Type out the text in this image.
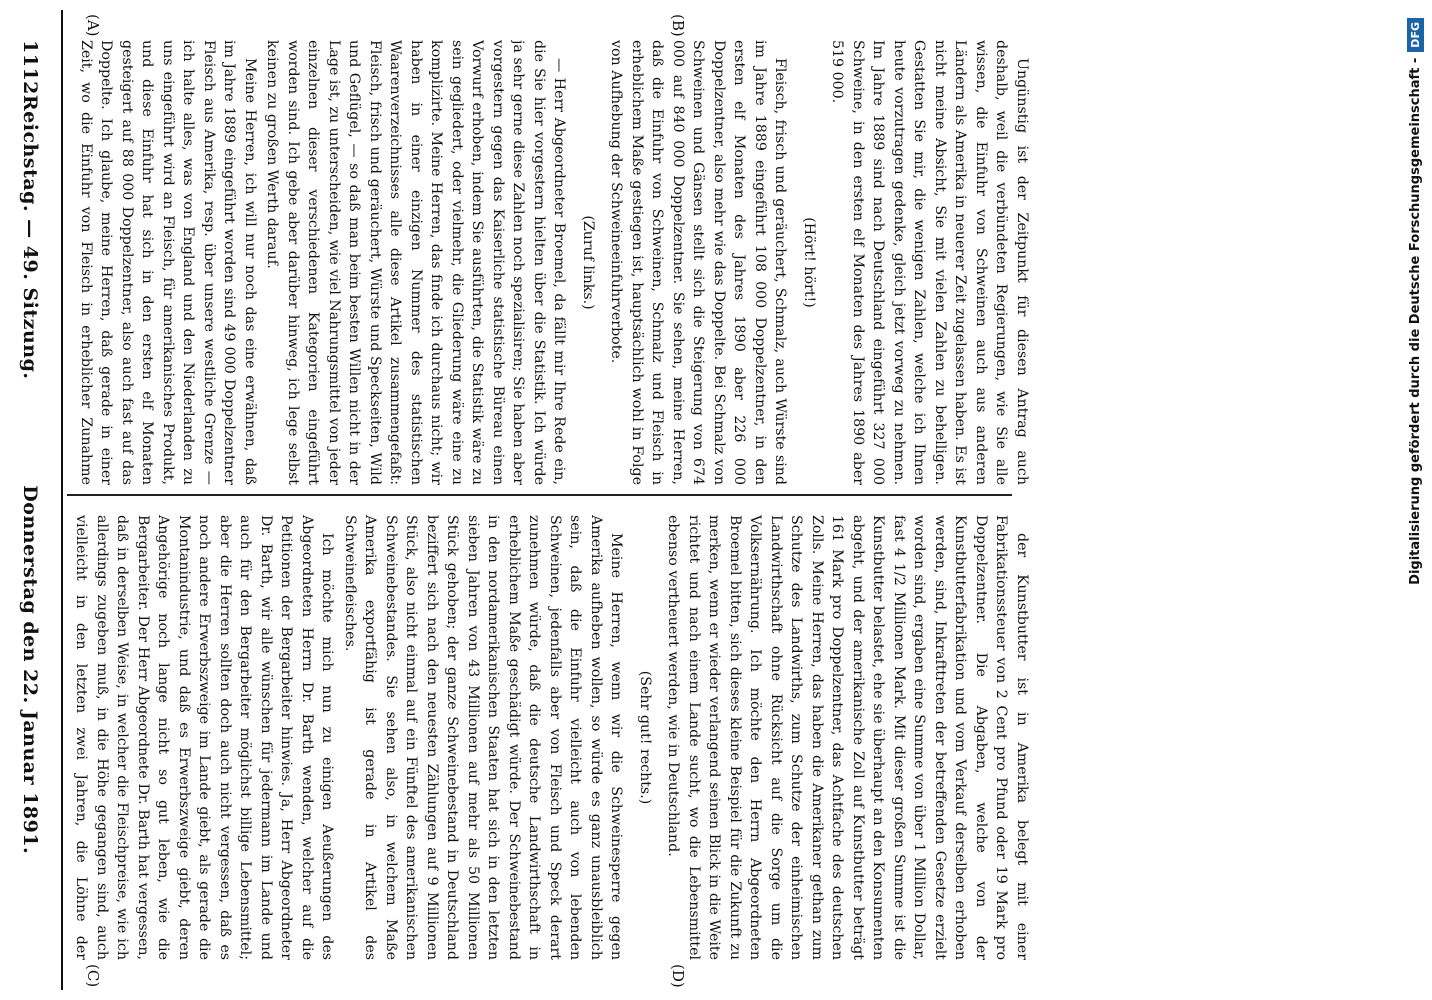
Digitalisierung gefördert durch die Deutsche Forschungsgemeinschaft -
DFG

Ungünstig ist der Zeitpunkt für diesen Antrag auch deshalb, weil die verbündeten Regierungen, wie Sie alle wissen, die Einfuhr von Schweinen auch aus anderen Ländern als Amerika in neuerer Zeit zugelassen haben. Es ist nicht meine Absicht, Sie mit vielen Zahlen zu behelligen. Gestatten Sie mir, die wenigen Zahlen, welche ich Ihnen heute vorzutragen gedenke, gleich jetzt vorweg zu nehmen. Im Jahre 1889 sind nach Deutschland eingeführt 327 000 Schweine, in den ersten elf Monaten des Jahres 1890 aber 519 000.

(Hört! hört!)

Fleisch, frisch und geräuchert, Schmalz, auch Würste sind im Jahre 1889 eingeführt 108 000 Doppelzentner, in den ersten elf Monaten des Jahres 1890 aber 226 000 Doppelzentner, also mehr wie das Doppelte. Bei Schmalz von Schweinen und Gänsen stellt sich die Steigerung von 674 000 auf 840 000 Doppelzentner. Sie sehen, meine Herren, daß die Einfuhr von Schweinen, Schmalz und Fleisch in erheblichem Maße gestiegen ist, hauptsächlich wohl in Folge von Aufhebung der Schweineeinfuhrverbote.

(Zuruf links.)

— Herr Abgeordneter Broemel, da fällt mir Ihre Rede ein, die Sie hier vorgestern hielten über die Statistik. Ich würde ja sehr gerne diese Zahlen noch spezialisiren; Sie haben aber vorgestern gegen das Kaiserliche statistische Büreau einen Vorwurf erhoben, indem Sie ausführten, die Statistik wäre zu sein gegliedert, oder vielmehr, die Gliederung wäre eine zu komplizirte. Meine Herren, das finde ich durchaus nicht; wir haben in einer einzigen Nummer des statistischen Waarenverzeichnisses alle diese Artikel zusammengefaßt: Fleisch, frisch und geräuchert, Würste und Speckseiten, Wild und Geflügel, — so daß man beim besten Willen nicht in der Lage ist, zu unterscheiden, wie viel Nahrungsmittel von jeder einzelnen dieser verschiedenen Kategorien eingeführt worden sind. Ich gebe aber darüber hinweg, ich lege selbst keinen zu großen Werth darauf.

Meine Herren, ich will nur noch das eine erwähnen, daß im Jahre 1889 eingeführt worden sind 49 000 Doppelzentner Fleisch aus Amerika, resp. über unsere westliche Grenze — ich halte alles, was von England und den Niederlanden zu uns eingeführt wird an Fleisch, für amerikanisches Produkt, und diese Einfuhr hat sich in den ersten elf Monaten gesteigert auf 88 000 Doppelzentner, also auch fast auf das Doppelte. Ich glaube, meine Herren, daß gerade in einer Zeit, wo die Einfuhr von Fleisch in erheblicher Zunahme

der Kunstbutter ist in Amerika belegt mit einer Fabrikationssteuer von 2 Cent pro Pfund oder 19 Mark pro Doppelzentner. Die Abgaben, welche von der Kunstbutterfabrikation und vom Verkauf derselben erhoben werden, sind, Inkrafttreten der betreffenden Gesetze erzielt worden sind, ergaben eine Summe von über 1 Million Dollar, fast 4 1/2 Millionen Mark. Mit dieser großen Summe ist die Kunstbutter belastet, ehe sie überhaupt an den Konsumenten abgeht, und der amerikanische Zoll auf Kunstbutter beträgt 161 Mark pro Doppelzentner, das Achtfache des deutschen Zolls. Meine Herren, das haben die Amerikaner gethan zum Schutze des Landwirths, zum Schutze der einheimischen Landwirthschaft ohne Rücksicht auf die Sorge um die Volksernährung. Ich möchte den Herrn Abgeordneten Broemel bitten, sich dieses kleine Beispiel für die Zukunft zu merken, wenn er wieder verlangend seinen Blick in die Weite richtet und nach einem Lande sucht, wo die Lebensmittel ebenso vertheuert werden, wie in Deutschland.

(Sehr gut! rechts.)

Meine Herren, wenn wir die Schweinesperre gegen Amerika aufheben wollen, so würde es ganz unausbleiblich sein, daß die Einfuhr vielleicht auch von lebenden Schweinen, jedenfalls aber von Fleisch und Speck derart zunehmen würde, daß die deutsche Landwirthschaft in erheblichem Maße geschädigt würde. Der Schweinebestand in den nordamerikanischen Staaten hat sich in den letzten sieben Jahren von 43 Millionen auf mehr als 50 Millionen Stück gehoben; der ganze Schweinebestand in Deutschland beziffert sich nach den neuesten Zählungen auf 9 Millionen Stück, also nicht einmal auf ein Fünftel des amerikanischen Schweinebestandes. Sie sehen also, in welchem Maße Amerika exportfähig ist gerade in Artikel des Schweinefleisches.

Ich möchte mich nun zu einigen Aeußerungen des Abgeordneten Herrn Dr. Barth wenden, welcher auf die Petitionen der Bergarbeiter hinwies. Ja, Herr Abgeordneter Dr. Barth, wir alle wünschen für jedermann im Lande und auch für den Bergarbeiter möglichst billige Lebensmittel; aber die Herren sollten doch auch nicht vergessen, daß es noch andere Erwerbszweige im Lande giebt, als gerade die Montanindustrie, und daß es Erwerbszweige giebt, deren Angehörige noch lange nicht so gut leben, wie die Bergarbeiter. Der Herr Abgeordnete Dr. Barth hat vergessen, daß in derselben Weise, in welcher die Fleischpreise, wie ich allerdings zugeben muß, in die Höhe gegangen sind, auch vielleicht in den letzten zwei Jahren, die Löhne der

(A)	(B)
(C)	(D)
1112
Reichstag. — 49. Sitzung.
Donnerstag den 22. Januar 1891.
